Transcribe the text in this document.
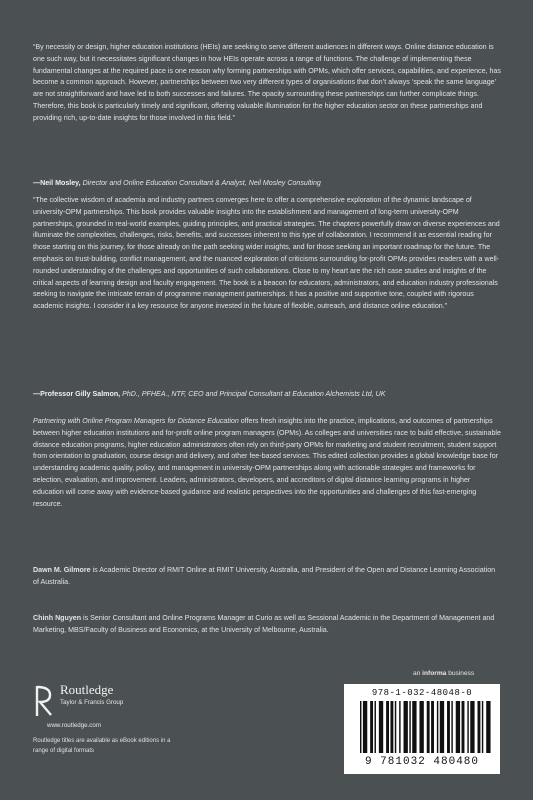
“By necessity or design, higher education institutions (HEIs) are seeking to serve different audiences in different ways. Online distance education is one such way, but it necessitates significant changes in how HEIs operate across a range of functions. The challenge of implementing these fundamental changes at the required pace is one reason why forming partnerships with OPMs, which offer services, capabilities, and experience, has become a common approach. However, partnerships between two very different types of organisations that don’t always ‘speak the same language’ are not straightforward and have led to both successes and failures. The opacity surrounding these partnerships can further complicate things. Therefore, this book is particularly timely and significant, offering valuable illumination for the higher education sector on these partnerships and providing rich, up-to-date insights for those involved in this field.”

—Neil Mosley, Director and Online Education Consultant & Analyst, Neil Mosley Consulting

“The collective wisdom of academia and industry partners converges here to offer a comprehensive exploration of the dynamic landscape of university-OPM partnerships. This book provides valuable insights into the establishment and management of long-term university-OPM partnerships, grounded in real-world examples, guiding principles, and practical strategies. The chapters powerfully draw on diverse experiences and illuminate the complexities, challenges, risks, benefits, and successes inherent to this type of collaboration. I recommend it as essential reading for those starting on this journey, for those already on the path seeking wider insights, and for those seeking an important roadmap for the future. The emphasis on trust-building, conflict management, and the nuanced exploration of criticisms surrounding for-profit OPMs provides readers with a well-rounded understanding of the challenges and opportunities of such collaborations. Close to my heart are the rich case studies and insights of the critical aspects of learning design and faculty engagement. The book is a beacon for educators, administrators, and education industry professionals seeking to navigate the intricate terrain of programme management partnerships. It has a positive and supportive tone, coupled with rigorous academic insights. I consider it a key resource for anyone invested in the future of flexible, outreach, and distance online education.”

—Professor Gilly Salmon, PhD., PFHEA., NTF, CEO and Principal Consultant at Education Alchemists Ltd, UK

Partnering with Online Program Managers for Distance Education offers fresh insights into the practice, implications, and outcomes of partnerships between higher education institutions and for-profit online program managers (OPMs). As colleges and universities race to build effective, sustainable distance education programs, higher education administrators often rely on third-party OPMs for marketing and student recruitment, student support from orientation to graduation, course design and delivery, and other fee-based services. This edited collection provides a global knowledge base for understanding academic quality, policy, and management in university-OPM partnerships along with actionable strategies and frameworks for selection, evaluation, and improvement. Leaders, administrators, developers, and accreditors of digital distance learning programs in higher education will come away with evidence-based guidance and realistic perspectives into the opportunities and challenges of this fast-emerging resource.

Dawn M. Gilmore is Academic Director of RMIT Online at RMIT University, Australia, and President of the Open and Distance Learning Association of Australia.

Chinh Nguyen is Senior Consultant and Online Programs Manager at Curio as well as Sessional Academic in the Department of Management and Marketing, MBS/Faculty of Business and Economics, at the University of Melbourne, Australia.

Routledge
Taylor & Francis Group
www.routledge.com
Routledge titles are available as eBook editions in a range of digital formats
an informa business
978-1-032-48048-0
9 781032 480480
